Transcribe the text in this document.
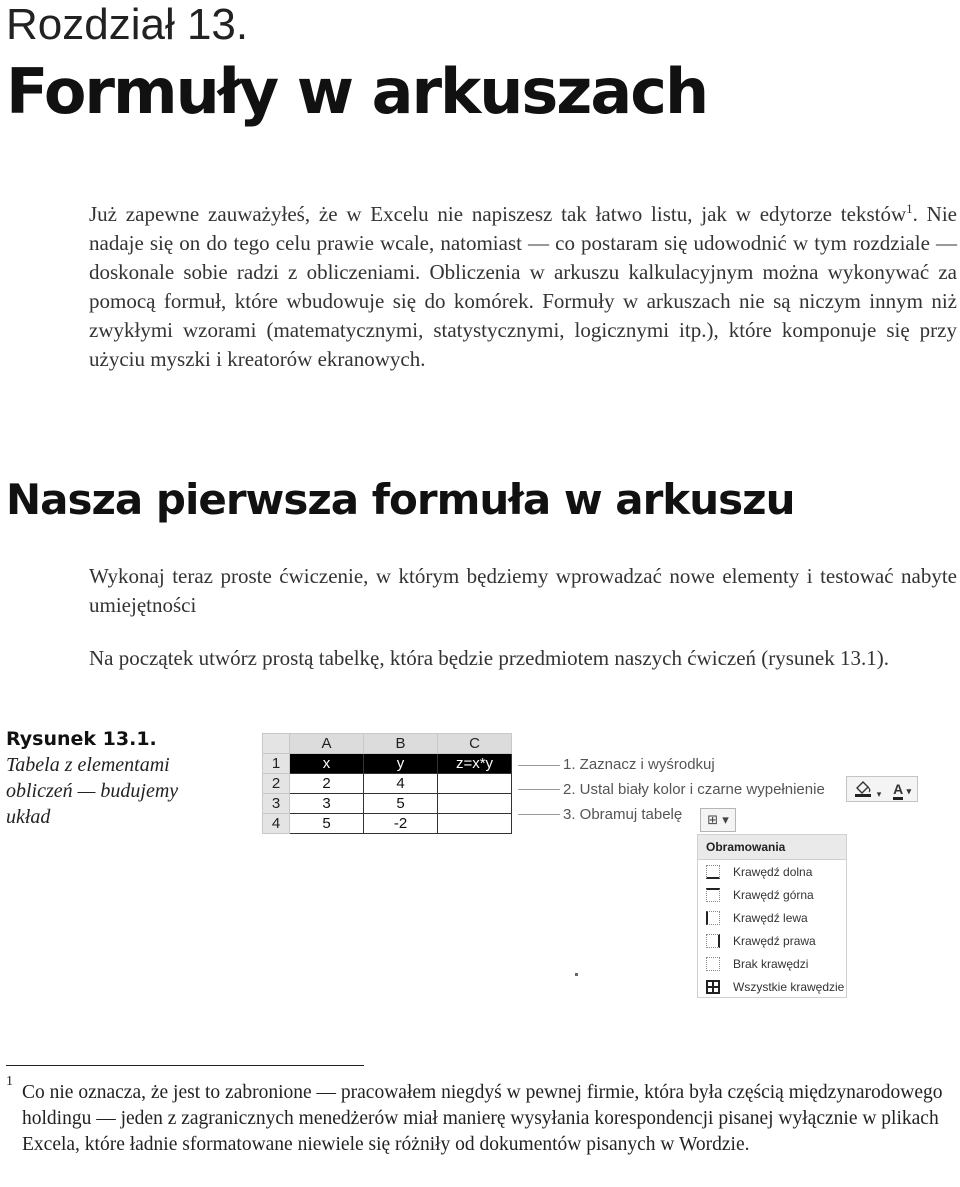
Rozdział 13.
Formuły w arkuszach

Już zapewne zauważyłeś, że w Excelu nie napiszesz tak łatwo listu, jak w edytorze tekstów$^1$. Nie nadaje się on do tego celu prawie wcale, natomiast — co postaram się udowodnić w tym rozdziale — doskonale sobie radzi z obliczeniami. Obliczenia w arkuszu kalkulacyjnym można wykonywać za pomocą formuł, które wbudowuje się do komórek. Formuły w arkuszach nie są niczym innym niż zwykłymi wzorami (matematycznymi, statystycznymi, logicznymi itp.), które komponuje się przy użyciu myszki i kreatorów ekranowych.

Nasza pierwsza formuła w arkuszu

Wykonaj teraz proste ćwiczenie, w którym będziemy wprowadzać nowe elementy i testować nabyte umiejętności

Na początek utwórz prostą tabelkę, która będzie przedmiotem naszych ćwiczeń (rysunek 13.1).

Rysunek 13.1.
Tabela z elementami obliczeń — budujemy układ
	A	B	C
1	x	y	z=x*y
2	2	4	
3	3	5	
4	5	-2	
1. Zaznacz i wyśrodkuj
2. Ustal biały kolor i czarne wypełnienie
3. Obramuj tabelę
▾ A ▾
⊞ ▾
Obramowania
Krawędź dolna
Krawędź górna
Krawędź lewa
Krawędź prawa
Brak krawędzi
Wszystkie krawędzie
1
Co nie oznacza, że jest to zabronione — pracowałem niegdyś w pewnej firmie, która była częścią międzynarodowego holdingu — jeden z zagranicznych menedżerów miał manierę wysyłania korespondencji pisanej wyłącznie w plikach Excela, które ładnie sformatowane niewiele się różniły od dokumentów pisanych w Wordzie.
